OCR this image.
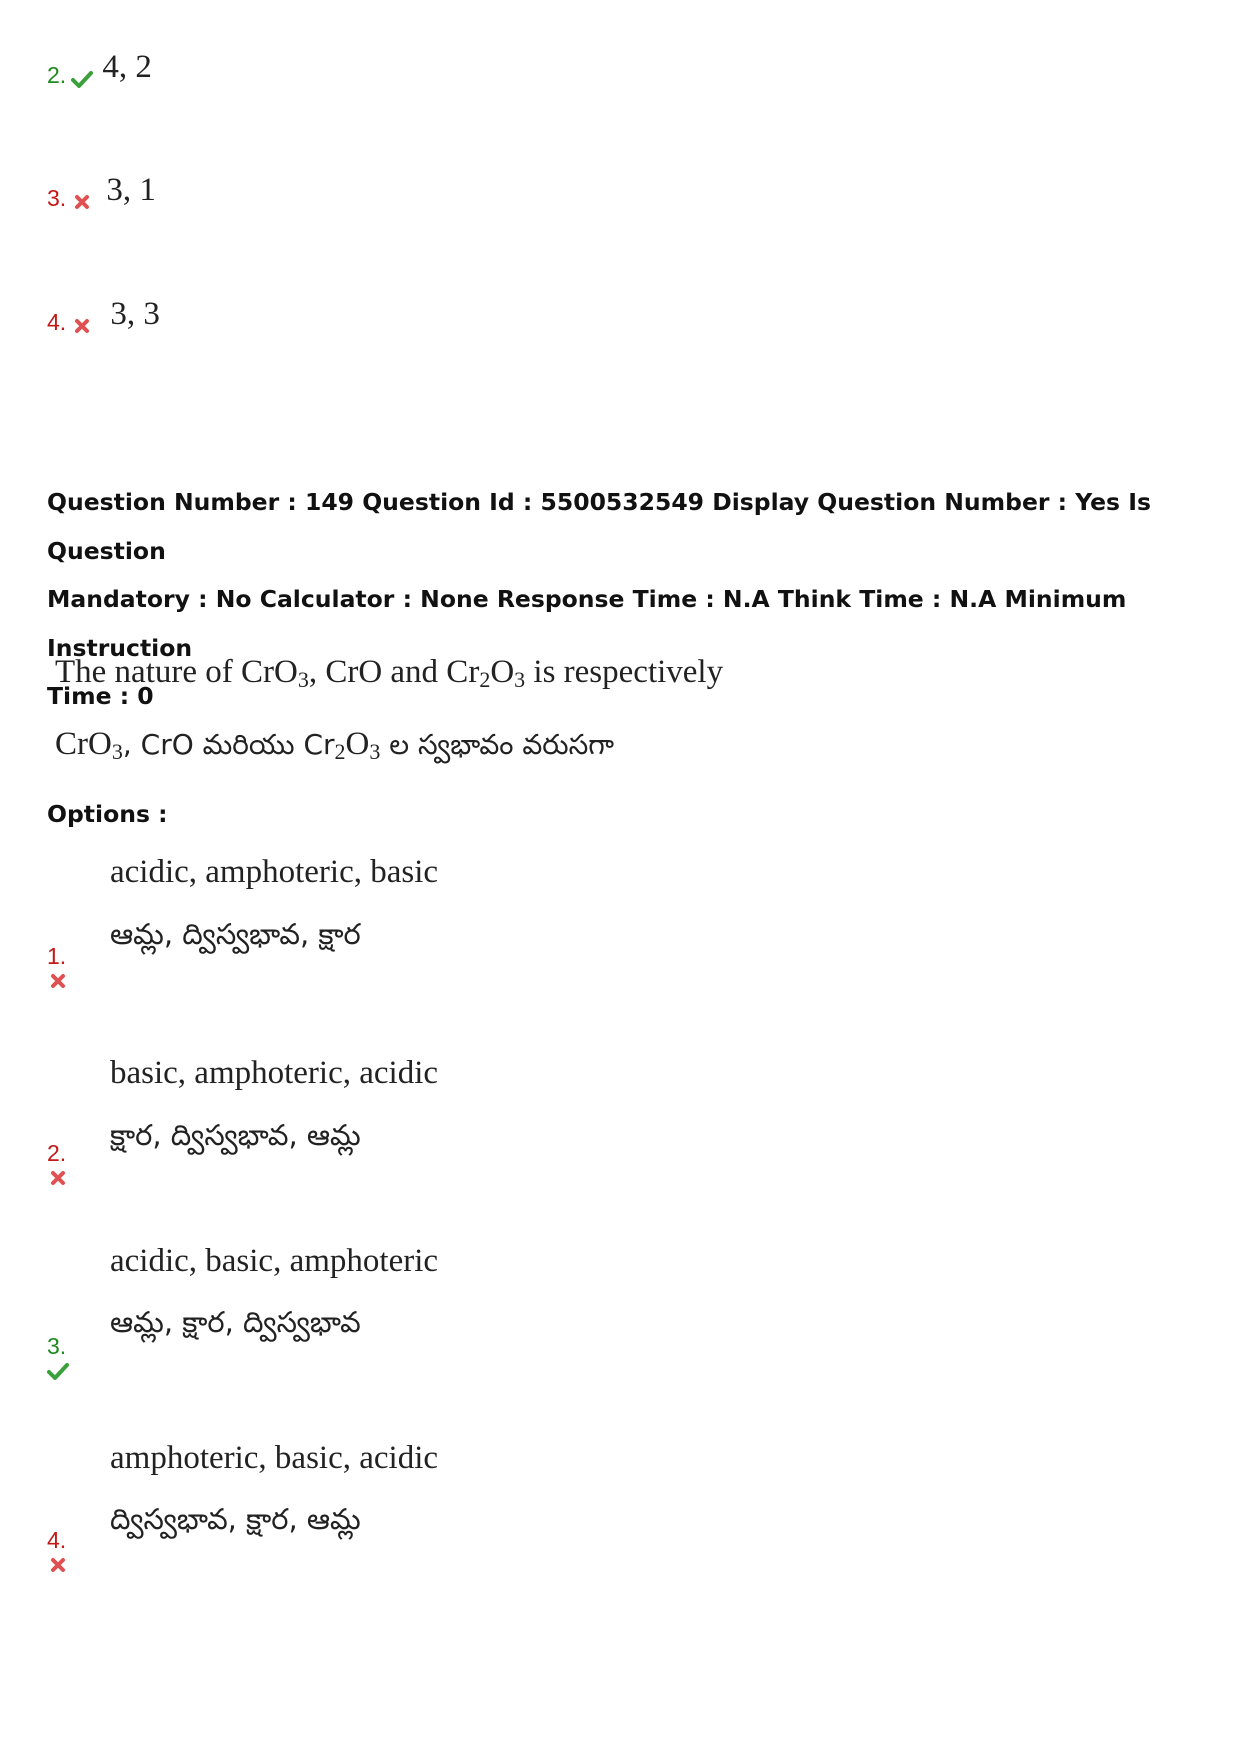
2. 4, 2
3. 3, 1
4. 3, 3
Question Number : 149 Question Id : 5500532549 Display Question Number : Yes Is Question
Mandatory : No Calculator : None Response Time : N.A Think Time : N.A Minimum Instruction
Time : 0
The nature of CrO$_3$, CrO and $Cr_2O_3$ is respectively
CrO$_3$, CrO మరియు $Cr_2O_3$ ల స్వభావం వరుసగా
Options :
acidic, amphoteric, basic
ఆమ్ల, ద్విస్వభావ, క్షార
1.
basic, amphoteric, acidic
క్షార, ద్విస్వభావ, ఆమ్ల
2.
acidic, basic, amphoteric
ఆమ్ల, క్షార, ద్విస్వభావ
3.
amphoteric, basic, acidic
ద్విస్వభావ, క్షార, ఆమ్ల
4.
